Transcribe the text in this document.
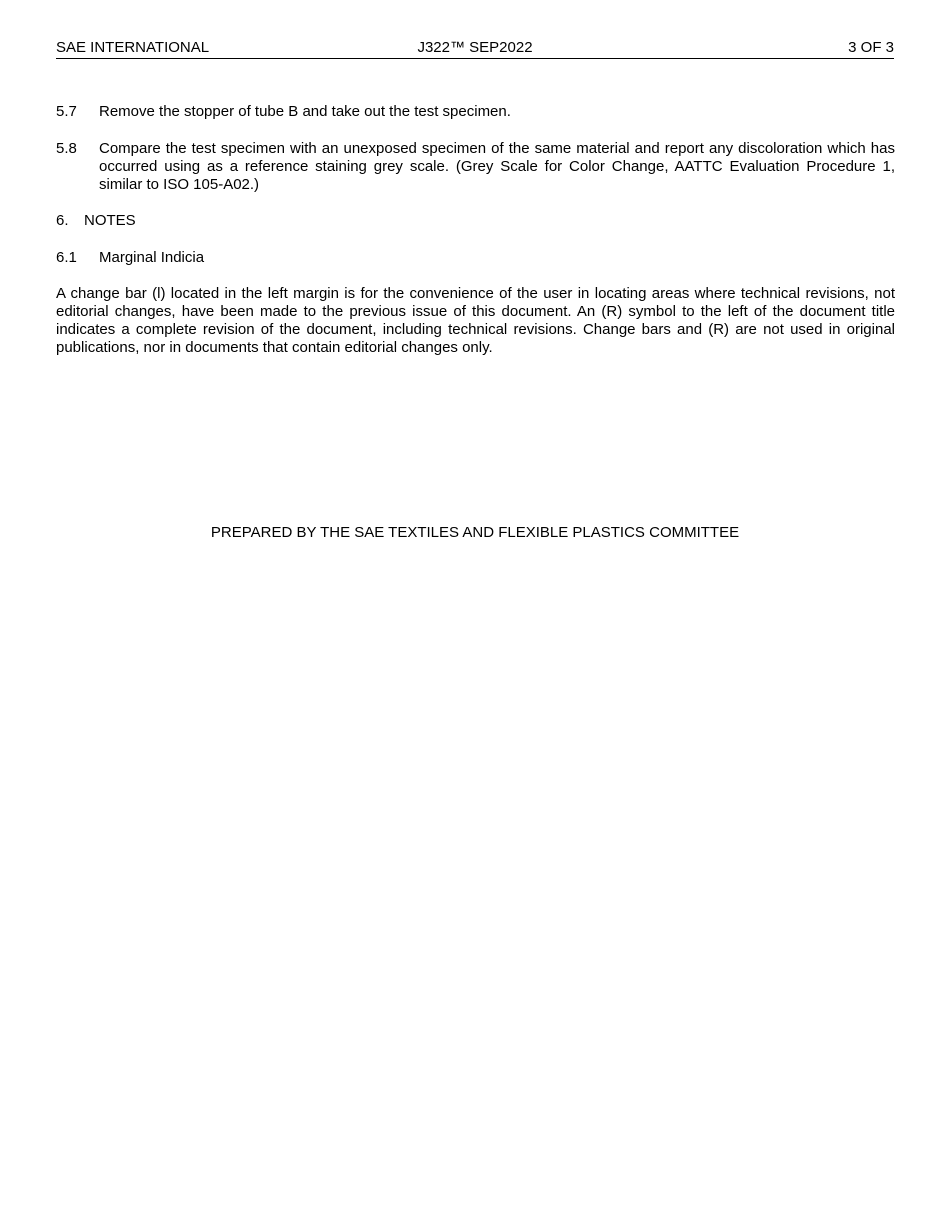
SAE INTERNATIONAL	J322™ SEP2022	3 OF 3
5.7 Remove the stopper of tube B and take out the test specimen.
5.8 Compare the test specimen with an unexposed specimen of the same material and report any discoloration which has occurred using as a reference staining grey scale. (Grey Scale for Color Change, AATTC Evaluation Procedure 1, similar to ISO 105-A02.)
6. NOTES
6.1 Marginal Indicia
A change bar (l) located in the left margin is for the convenience of the user in locating areas where technical revisions, not editorial changes, have been made to the previous issue of this document. An (R) symbol to the left of the document title indicates a complete revision of the document, including technical revisions. Change bars and (R) are not used in original publications, nor in documents that contain editorial changes only.
PREPARED BY THE SAE TEXTILES AND FLEXIBLE PLASTICS COMMITTEE
